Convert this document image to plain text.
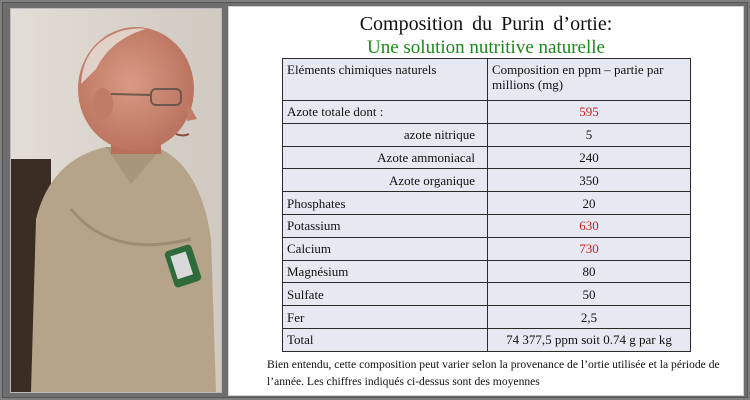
Composition du Purin d’ortie:
Une solution nutritive naturelle
Eléments chimiques naturels	Composition en ppm – partie par millions (mg)
Azote totale dont :	595
azote nitrique	5
Azote ammoniacal	240
Azote organique	350
Phosphates	20
Potassium	630
Calcium	730
Magnésium	80
Sulfate	50
Fer	2,5
Total	74 377,5 ppm soit 0.74 g par kg
Bien entendu, cette composition peut varier selon la provenance de l’ortie utilisée et la période de l’année. Les chiffres indiqués ci-dessus sont des moyennes
